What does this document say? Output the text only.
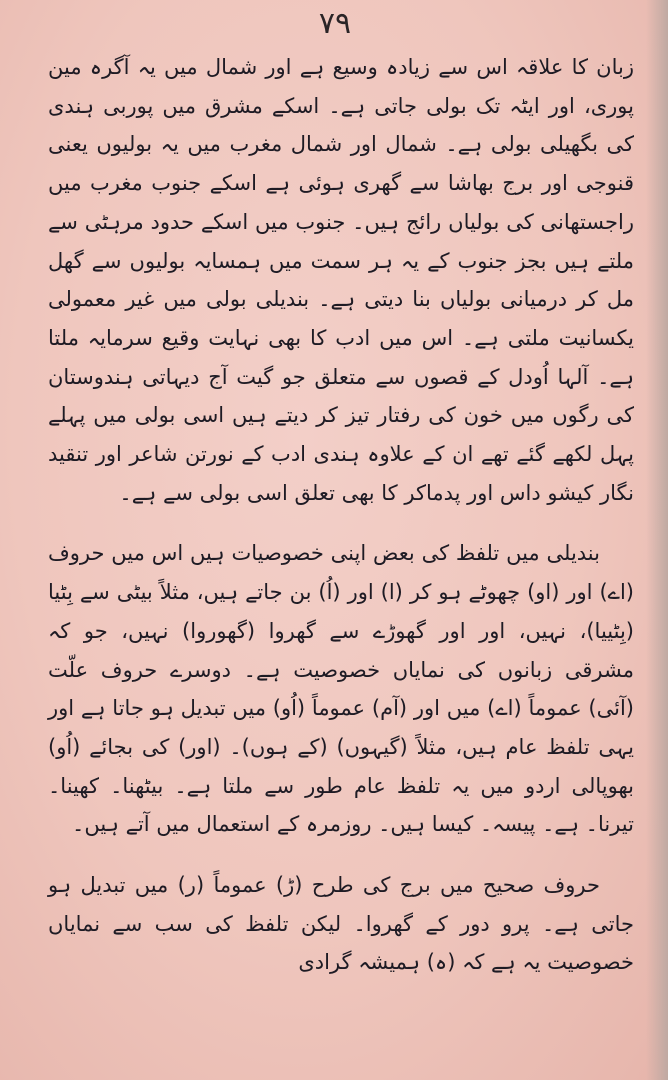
۷۹

زبان کا علاقہ اس سے زیادہ وسیع ہے اور شمال میں یہ آگرہ مین پوری، اور ایٹہ تک بولی جاتی ہے۔ اسکے مشرق میں پوربی ہندی کی بگھیلی بولی ہے۔ شمال اور شمال مغرب میں یہ بولیوں یعنی قنوجی اور برج بھاشا سے گھری ہوئی ہے اسکے جنوب مغرب میں راجستھانی کی بولیاں رائج ہیں۔ جنوب میں اسکے حدود مرہٹی سے ملتے ہیں بجز جنوب کے یہ ہر سمت میں ہمسایہ بولیوں سے گھل مل کر درمیانی بولیاں بنا دیتی ہے۔ بندیلی بولی میں غیر معمولی یکسانیت ملتی ہے۔ اس میں ادب کا بھی نہایت وقیع سرمایہ ملتا ہے۔ آلہا اُودل کے قصوں سے متعلق جو گیت آج دیہاتی ہندوستان کی رگوں میں خون کی رفتار تیز کر دیتے ہیں اسی بولی میں پہلے پہل لکھے گئے تھے ان کے علاوہ ہندی ادب کے نورتن شاعر اور تنقید نگار کیشو داس اور پدماکر کا بھی تعلق اسی بولی سے ہے۔

بندیلی میں تلفظ کی بعض اپنی خصوصیات ہیں اس میں حروف (اے) اور (او) چھوٹے ہو کر (ا) اور (اُ) بن جاتے ہیں، مثلاً بیٹی سے بِٹیا (بِٹییا)، نہیں، اور اور گھوڑے سے گھروا (گھوروا) نہیں، جو کہ مشرقی زبانوں کی نمایاں خصوصیت ہے۔ دوسرے حروف علّت (آئی) عموماً (اے) میں اور (آم) عموماً (اُو) میں تبدیل ہو جاتا ہے اور یہی تلفظ عام ہیں، مثلاً (گیہوں) (کے ہوں)۔ (اور) کی بجائے (اُو) بھوپالی اردو میں یہ تلفظ عام طور سے ملتا ہے۔ بیٹھنا۔ کھینا۔ تیرنا۔ ہے۔ پیسہ۔ کیسا ہیں۔ روزمرہ کے استعمال میں آتے ہیں۔

حروف صحیح میں برج کی طرح (ڑ) عموماً (ر) میں تبدیل ہو جاتی ہے۔ پرو دور کے گھروا۔ لیکن تلفظ کی سب سے نمایاں خصوصیت یہ ہے کہ (ہ) ہمیشہ گرادی
